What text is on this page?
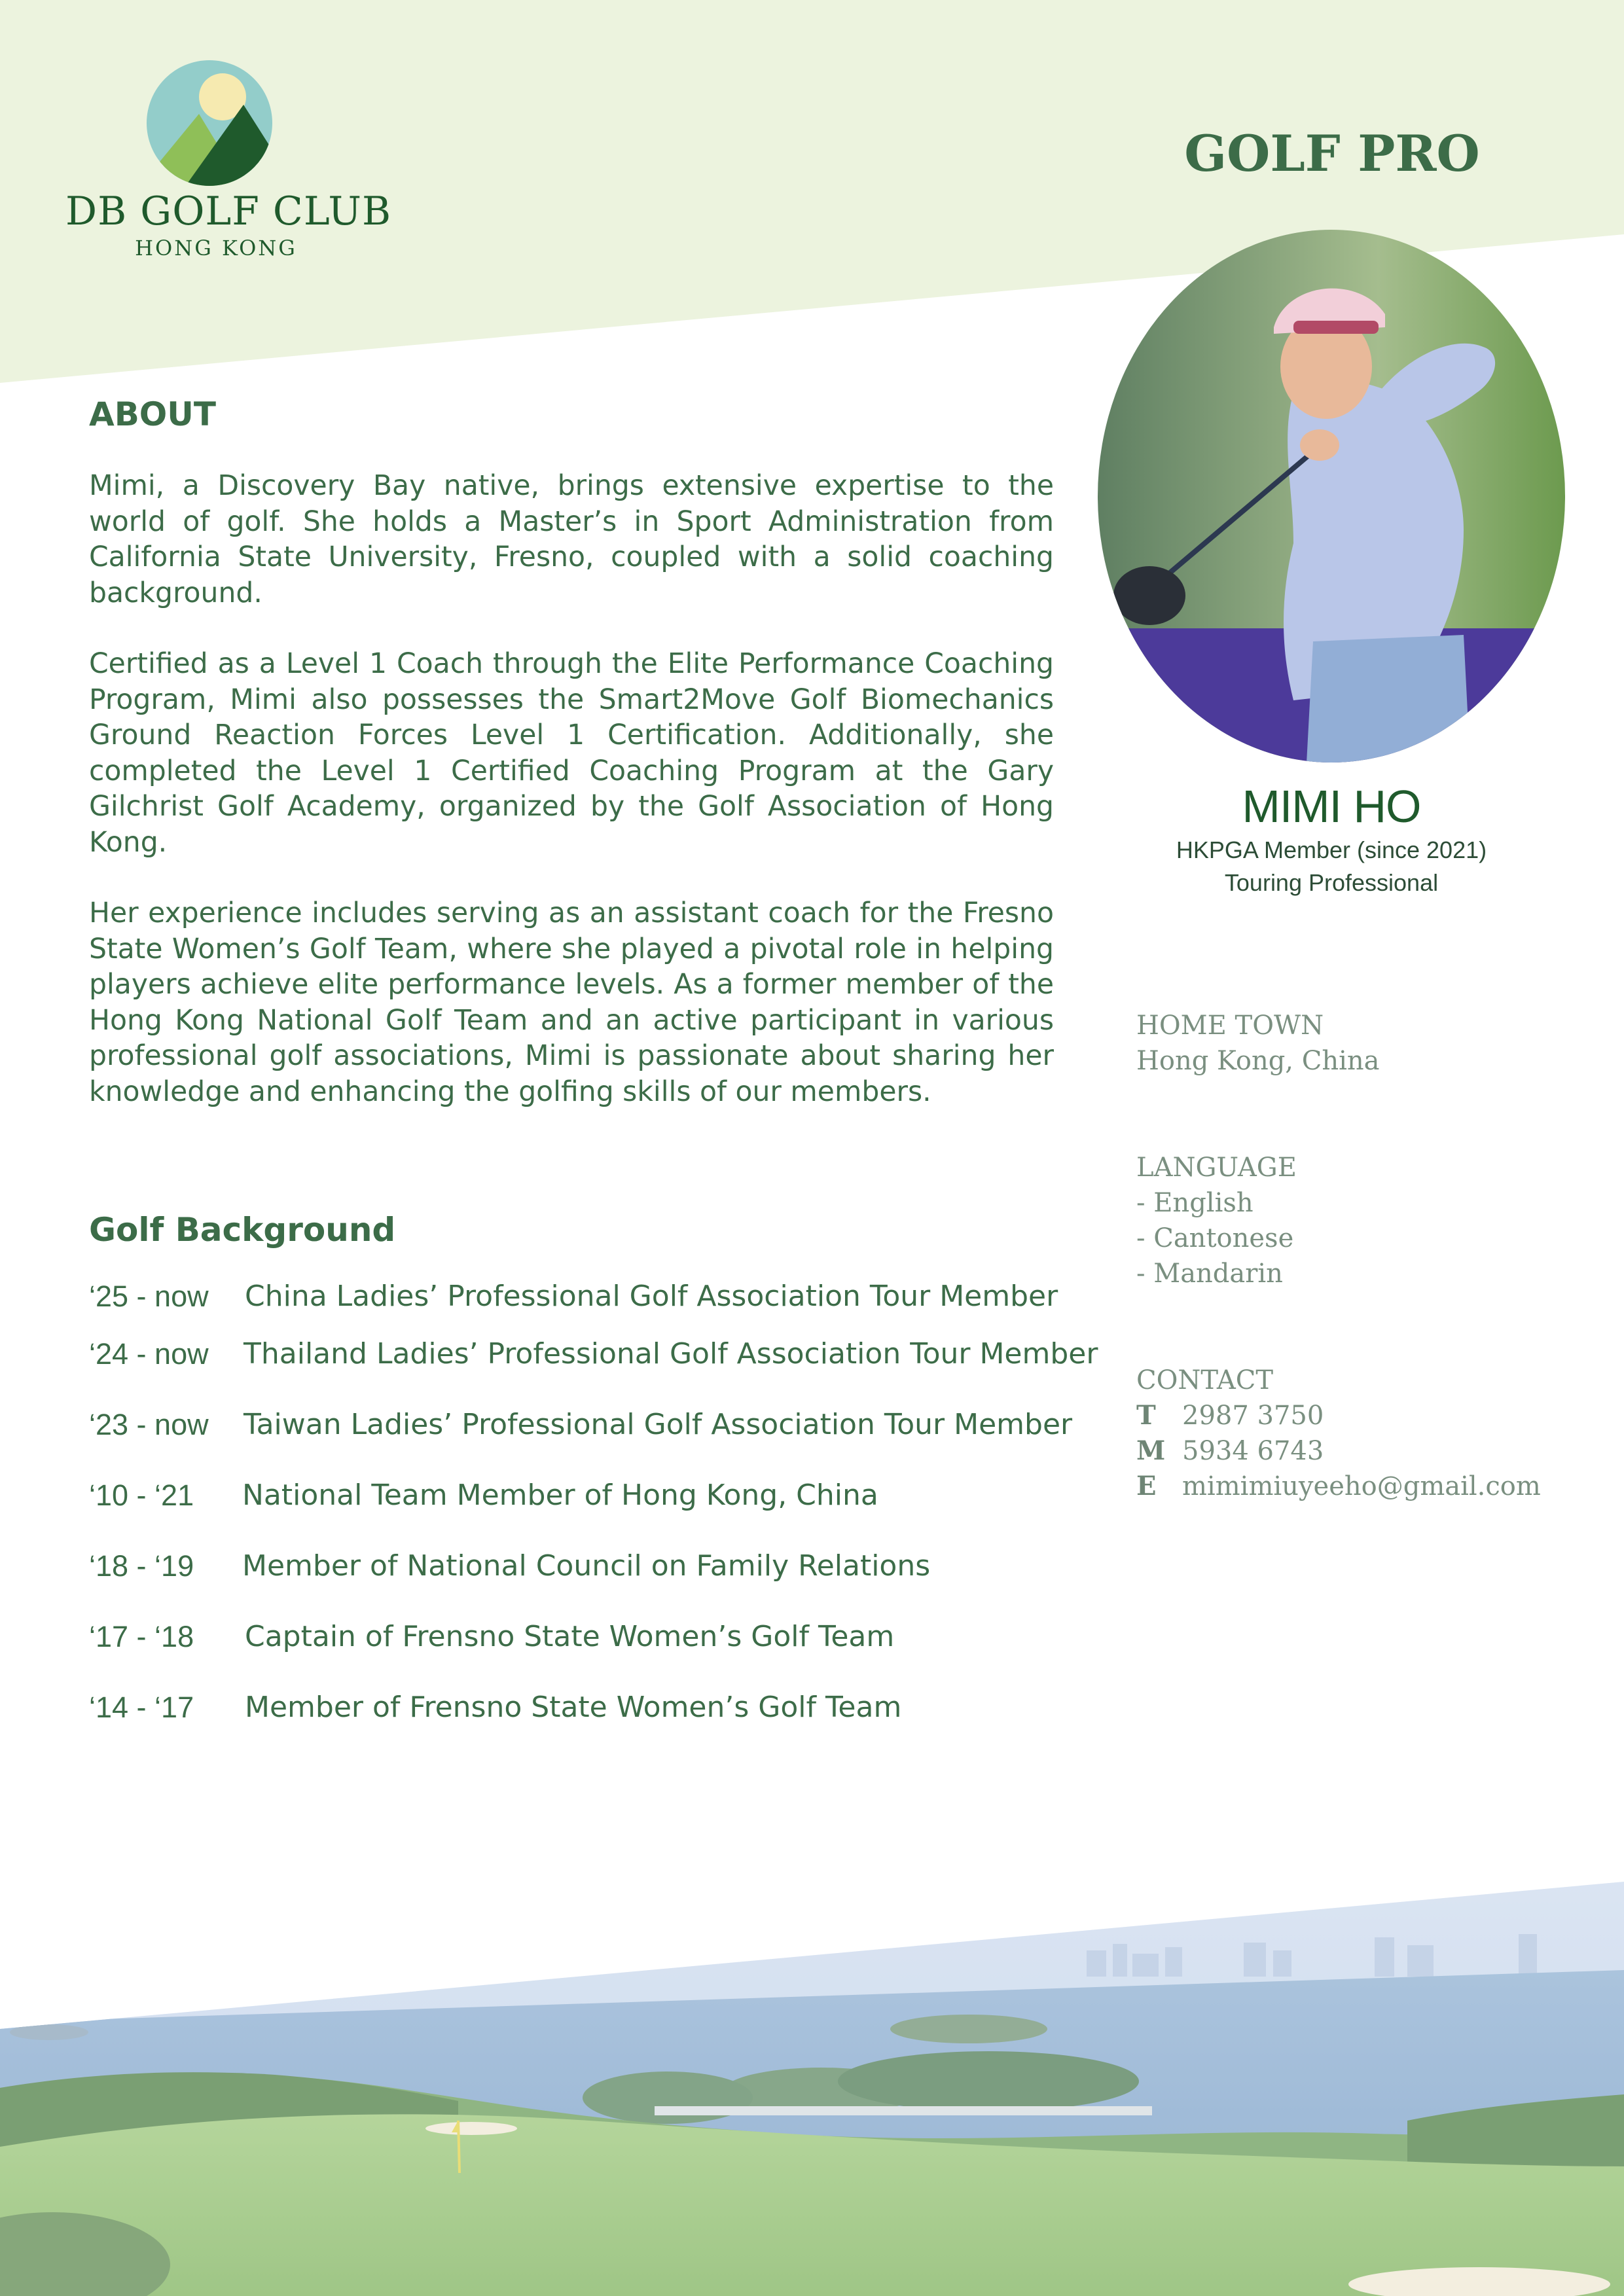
DB GOLF CLUB
HONG KONG
GOLF PRO
MIMI HO
HKPGA Member (since 2021)
Touring Professional
HOME TOWN
Hong Kong, China
LANGUAGE
- English
- Cantonese
- Mandarin
CONTACT
T 2987 3750
M 5934 6743
E mimimiuyeeho@gmail.com
ABOUT

Mimi, a Discovery Bay native, brings extensive expertise to the world of golf. She holds a Master’s in Sport Administration from California State University, Fresno, coupled with a solid coaching background.

Certified as a Level 1 Coach through the Elite Performance Coaching Program, Mimi also possesses the Smart2Move Golf Biomechanics Ground Reaction Forces Level 1 Certification. Additionally, she completed the Level 1 Certified Coaching Program at the Gary Gilchrist Golf Academy, organized by the Golf Association of Hong Kong.

Her experience includes serving as an assistant coach for the Fresno State Women’s Golf Team, where she played a pivotal role in helping players achieve elite performance levels. As a former member of the Hong Kong National Golf Team and an active participant in various professional golf associations, Mimi is passionate about sharing her knowledge and enhancing the golfing skills of our members.

Golf Background
‘25 - now China Ladies’ Professional Golf Association Tour Member
‘24 - now Thailand Ladies’ Professional Golf Association Tour Member
‘23 - now Taiwan Ladies’ Professional Golf Association Tour Member
‘10 - ‘21 National Team Member of Hong Kong, China
‘18 - ‘19 Member of National Council on Family Relations
‘17 - ‘18 Captain of Frensno State Women’s Golf Team
‘14 - ‘17 Member of Frensno State Women’s Golf Team
